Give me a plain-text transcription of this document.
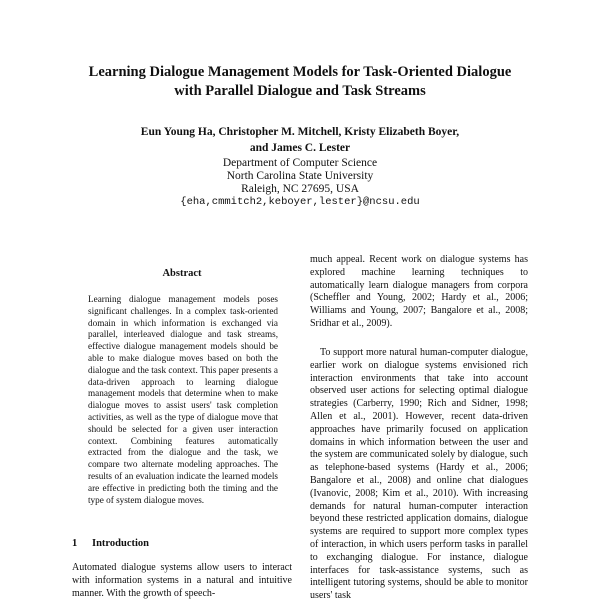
Learning Dialogue Management Models for Task-Oriented Dialogue
with Parallel Dialogue and Task Streams
Eun Young Ha, Christopher M. Mitchell, Kristy Elizabeth Boyer,
and James C. Lester
Department of Computer Science
North Carolina State University
Raleigh, NC 27695, USA
{eha,cmmitch2,keboyer,lester}@ncsu.edu
Abstract
Learning dialogue management models poses significant challenges. In a complex task-oriented domain in which information is exchanged via parallel, interleaved dialogue and task streams, effective dialogue management models should be able to make dialogue moves based on both the dialogue and the task context. This paper presents a data-driven approach to learning dialogue management models that determine when to make dialogue moves to assist users' task completion activities, as well as the type of dialogue move that should be selected for a given user interaction context. Combining features automatically extracted from the dialogue and the task, we compare two alternate modeling approaches. The results of an evaluation indicate the learned models are effective in predicting both the timing and the type of system dialogue moves.
1 Introduction
Automated dialogue systems allow users to interact with information systems in a natural and intuitive manner. With the growth of speech-
much appeal. Recent work on dialogue systems has explored machine learning techniques to automatically learn dialogue managers from corpora (Scheffler and Young, 2002; Hardy et al., 2006; Williams and Young, 2007; Bangalore et al., 2008; Sridhar et al., 2009).
To support more natural human-computer dialogue, earlier work on dialogue systems envisioned rich interaction environments that take into account observed user actions for selecting optimal dialogue strategies (Carberry, 1990; Rich and Sidner, 1998; Allen et al., 2001). However, recent data-driven approaches have primarily focused on application domains in which information between the user and the system are communicated solely by dialogue, such as telephone-based systems (Hardy et al., 2006; Bangalore et al., 2008) and online chat dialogues (Ivanovic, 2008; Kim et al., 2010). With increasing demands for natural human-computer interaction beyond these restricted application domains, dialogue systems are required to support more complex types of interaction, in which users perform tasks in parallel to exchanging dialogue. For instance, dialogue interfaces for task-assistance systems, such as intelligent tutoring systems, should be able to monitor users' task
